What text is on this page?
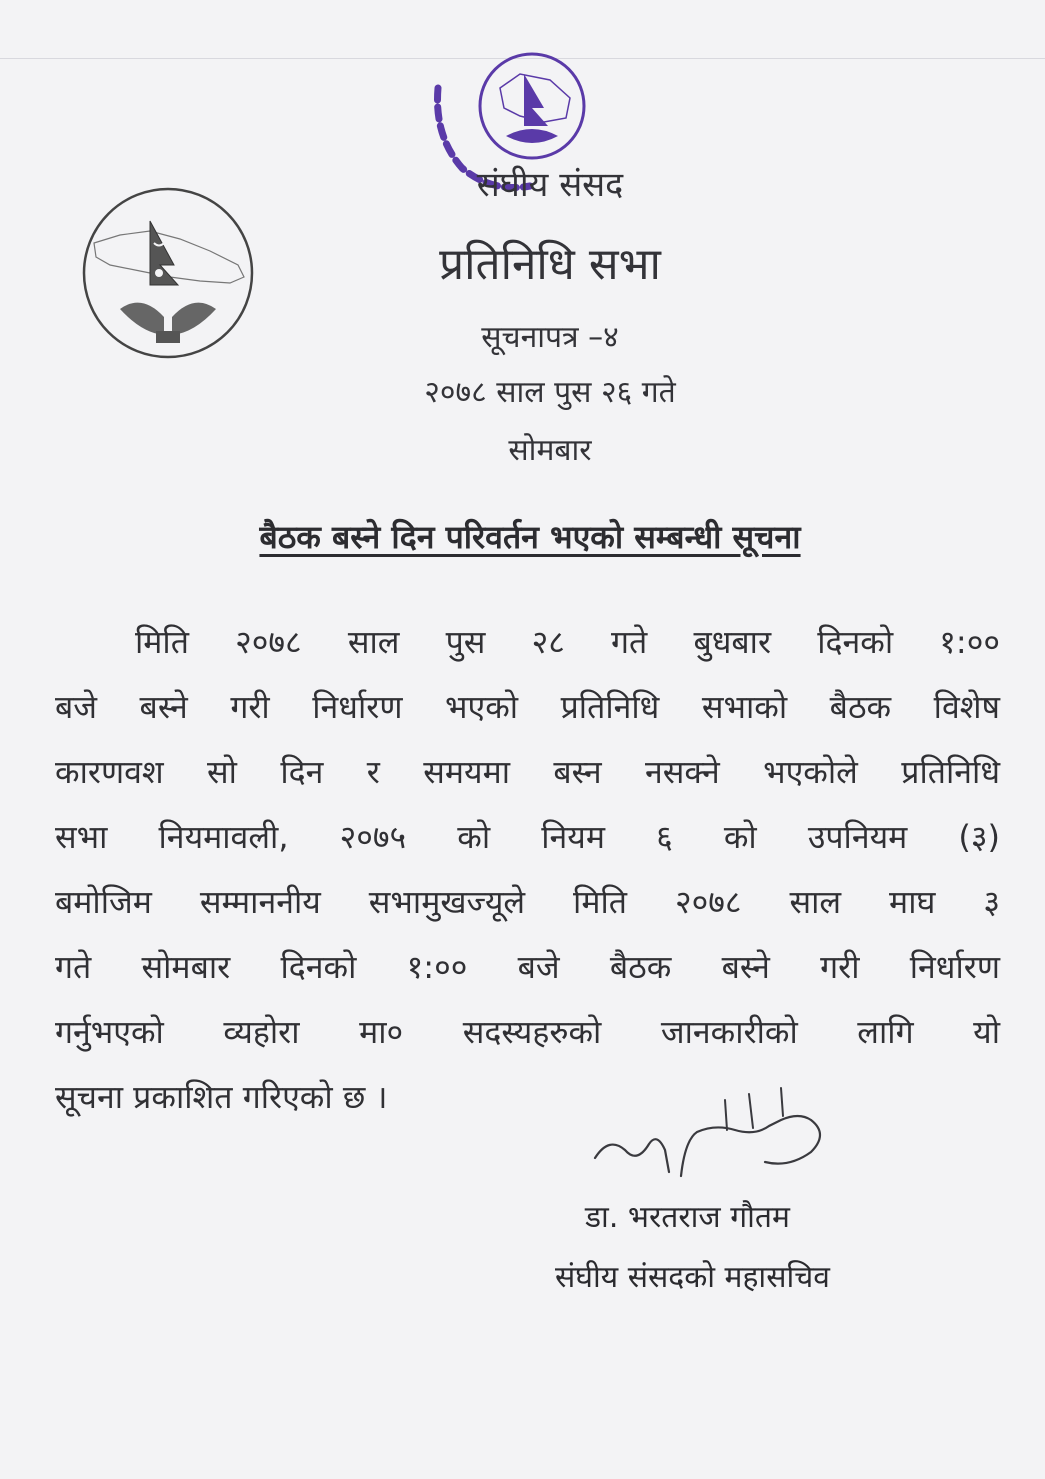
संघीय संसद
प्रतिनिधि सभा
सूचनापत्र –४
२०७८ साल पुस २६ गते
सोमबार
बैठक बस्ने दिन परिवर्तन भएको सम्बन्धी सूचना
मिति २०७८ साल पुस २८ गते बुधबार दिनको १:००
बजे बस्ने गरी निर्धारण भएको प्रतिनिधि सभाको बैठक विशेष
कारणवश सो दिन र समयमा बस्न नसक्ने भएकोले प्रतिनिधि
सभा नियमावली, २०७५ को नियम ६ को उपनियम (३)
बमोजिम सम्माननीय सभामुखज्यूले मिति २०७८ साल माघ ३
गते सोमबार दिनको १:०० बजे बैठक बस्ने गरी निर्धारण
गर्नुभएको व्यहोरा मा० सदस्यहरुको जानकारीको लागि यो
सूचना प्रकाशित गरिएको छ ।
डा. भरतराज गौतम
संघीय संसदको महासचिव
